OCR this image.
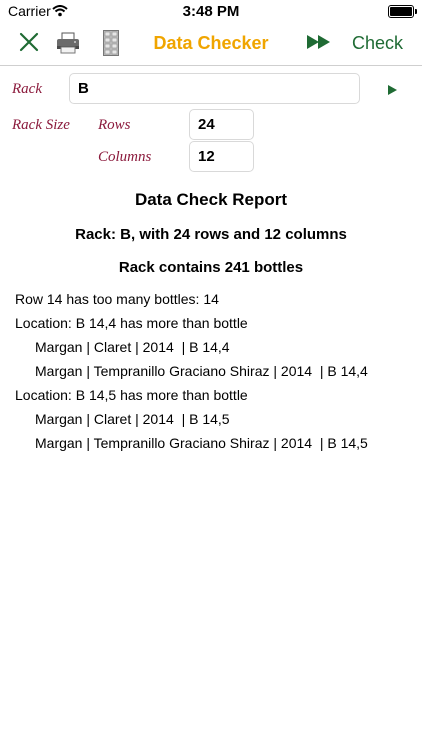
Carrier	3:48 PM
Data Checker	Check
Rack	B
Rack Size Rows	24
Columns	12
Data Check Report
Rack: B, with 24 rows and 12 columns
Rack contains 241 bottles
Row 14 has too many bottles: 14
Location: B 14,4 has more than bottle
Margan | Claret | 2014  | B 14,4
Margan | Tempranillo Graciano Shiraz | 2014  | B 14,4
Location: B 14,5 has more than bottle
Margan | Claret | 2014  | B 14,5
Margan | Tempranillo Graciano Shiraz | 2014  | B 14,5
